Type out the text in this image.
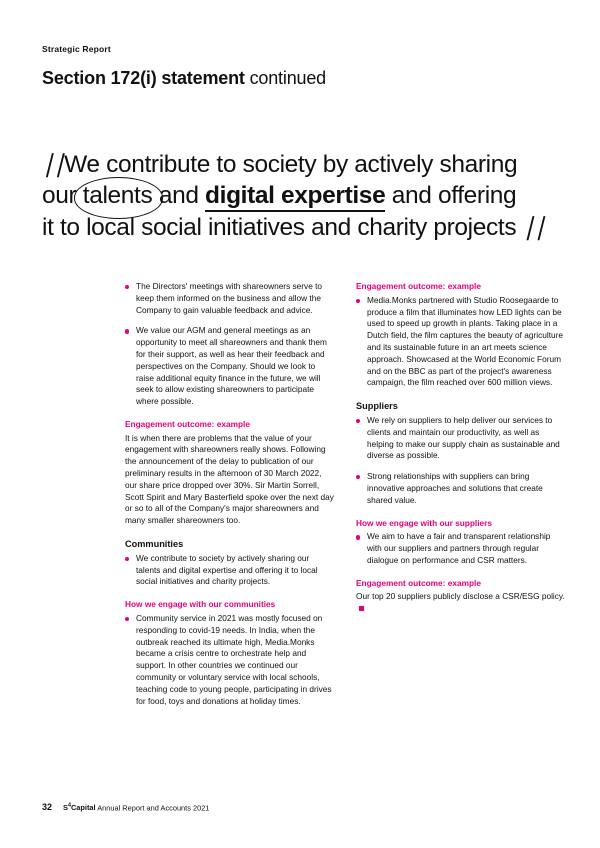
Strategic Report
Section 172(i) statement continued
∣∣We contribute to society by actively sharing
our talents
and digital expertise and offering
it to local social initiatives and charity projects ∣∣
The Directors' meetings with shareowners serve to keep them informed on the business and allow the Company to gain valuable feedback and advice.
We value our AGM and general meetings as an opportunity to meet all shareowners and thank them for their support, as well as hear their feedback and perspectives on the Company. Should we look to raise additional equity finance in the future, we will seek to allow existing shareowners to participate where possible.
Engagement outcome: example

It is when there are problems that the value of your engagement with shareowners really shows. Following the announcement of the delay to publication of our preliminary results in the afternoon of 30 March 2022, our share price dropped over 30%. Sir Martin Sorrell, Scott Spirit and Mary Basterfield spoke over the next day or so to all of the Company's major shareowners and many smaller shareowners too.

Communities
We contribute to society by actively sharing our talents and digital expertise and offering it to local social initiatives and charity projects.
How we engage with our communities
Community service in 2021 was mostly focused on responding to covid-19 needs. In India, when the outbreak reached its ultimate high, Media.Monks became a crisis centre to orchestrate help and support. In other countries we continued our community or voluntary service with local schools, teaching code to young people, participating in drives for food, toys and donations at holiday times.
Engagement outcome: example
Media.Monks partnered with Studio Roosegaarde to produce a film that illuminates how LED lights can be used to speed up growth in plants. Taking place in a Dutch field, the film captures the beauty of agriculture and its sustainable future in an art meets science approach. Showcased at the World Economic Forum and on the BBC as part of the project's awareness campaign, the film reached over 600 million views.
Suppliers
We rely on suppliers to help deliver our services to clients and maintain our productivity, as well as helping to make our supply chain as sustainable and diverse as possible.
Strong relationships with suppliers can bring innovative approaches and solutions that create shared value.
How we engage with our suppliers
We aim to have a fair and transparent relationship with our suppliers and partners through regular dialogue on performance and CSR matters.
Engagement outcome: example

Our top 20 suppliers publicly disclose a CSR/ESG policy.

32 $S^4Capital$ Annual Report and Accounts 2021
